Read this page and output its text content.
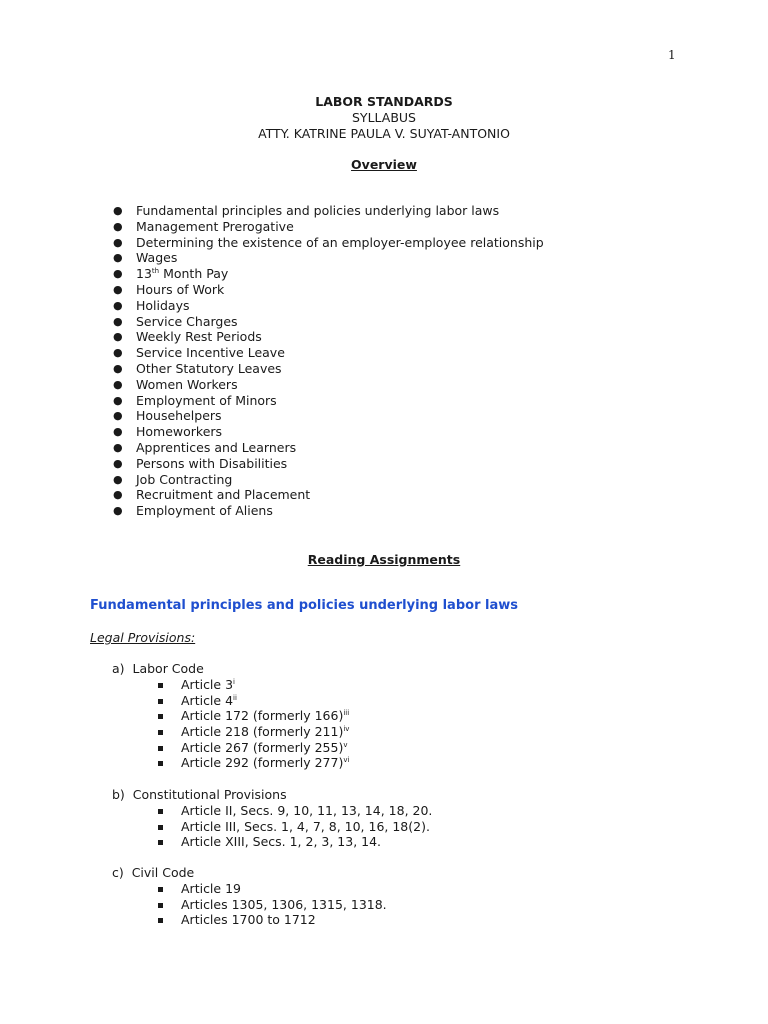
1
LABOR STANDARDS
SYLLABUS
ATTY. KATRINE PAULA V. SUYAT-ANTONIO
Overview
● Fundamental principles and policies underlying labor laws
● Management Prerogative
● Determining the existence of an employer-employee relationship
● Wages
● 13th Month Pay
● Hours of Work
● Holidays
● Service Charges
● Weekly Rest Periods
● Service Incentive Leave
● Other Statutory Leaves
● Women Workers
● Employment of Minors
● Househelpers
● Homeworkers
● Apprentices and Learners
● Persons with Disabilities
● Job Contracting
● Recruitment and Placement
● Employment of Aliens
Reading Assignments
Fundamental principles and policies underlying labor laws
Legal Provisions:
a)  Labor Code
Article 3$^i$
Article 4$^{ii}$
Article 172 (formerly 166)$^{iii}$
Article 218 (formerly 211)$^{iv}$
Article 267 (formerly 255)$^v$
Article 292 (formerly 277)$^{vi}$
b)  Constitutional Provisions
Article II, Secs. 9, 10, 11, 13, 14, 18, 20.
Article III, Secs. 1, 4, 7, 8, 10, 16, 18(2).
Article XIII, Secs. 1, 2, 3, 13, 14.
c)  Civil Code
Article 19
Articles 1305, 1306, 1315, 1318.
Articles 1700 to 1712
